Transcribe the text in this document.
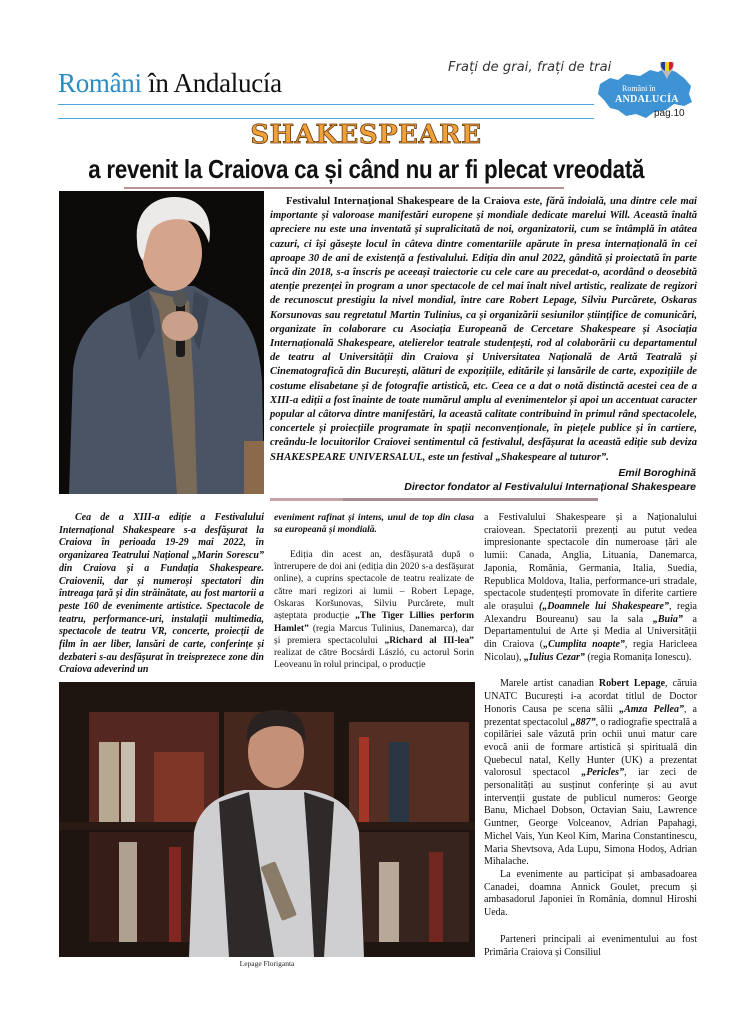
Români în Andalucía
Frați de grai, frați de trai
Români în
ANDALUCÍA
pag.10
SHAKESPEARE
a revenit la Craiova ca și când nu ar fi plecat vreodată
Festivalul Internațional Shakespeare de la Craiova este, fără îndoială, una dintre cele mai importante și valoroase manifestări europene și mondiale dedicate marelui Will. Această înaltă apreciere nu este una inventată și supralicitată de noi, organizatorii, cum se întâmplă în atâtea cazuri, ci își găsește locul în câteva dintre comentariile apărute în presa internațională în cei aproape 30 de ani de existență a festivalului. Ediția din anul 2022, gândită și proiectată în parte încă din 2018, s-a înscris pe aceeași traiectorie cu cele care au precedat-o, acordând o deosebită atenție prezenței în program a unor spectacole de cel mai înalt nivel artistic, realizate de regizori de recunoscut prestigiu la nivel mondial, între care Robert Lepage, Silviu Purcărete, Oskaras Korsunovas sau regretatul Martin Tulinius, ca și organizării sesiunilor științifice de comunicări, organizate în colaborare cu Asociația Europeană de Cercetare Shakespeare și Asociația Internațională Shakespeare, atelierelor teatrale studențești, rod al colaborării cu departamentul de teatru al Universității din Craiova și Universitatea Națională de Artă Teatrală și Cinematografică din București, alături de expozițiile, editările și lansările de carte, expozițiile de costume elisabetane și de fotografie artistică, etc. Ceea ce a dat o notă distinctă acestei cea de a XIII-a ediții a fost înainte de toate numărul amplu al evenimentelor și apoi un accentuat caracter popular al câtorva dintre manifestări, la această calitate contribuind în primul rând spectacolele, concertele și proiecțiile programate în spații neconvenționale, în piețele publice și în cartiere, creându-le locuitorilor Craiovei sentimentul că festivalul, desfășurat la această ediție sub deviza SHAKESPEARE UNIVERSALUL, este un festival „Shakespeare al tuturor”.
Emil Boroghină
Director fondator al Festivalului Internațional Shakespeare

Cea de a XIII-a ediție a Festivalului Internațional Shakespeare s-a desfășurat la Craiova în perioada 19-29 mai 2022, în organizarea Teatrului Național „Marin Sorescu” din Craiova și a Fundația Shakespeare. Craiovenii, dar și numeroși spectatori din întreaga țară și din străinătate, au fost martorii a peste 160 de evenimente artistice. Spectacole de teatru, performance-uri, instalații multimedia, spectacole de teatru VR, concerte, proiecții de film în aer liber, lansări de carte, conferințe și dezbateri s-au desfășurat în treisprezece zone din Craiova adeverind un

eveniment rafinat și intens, unul de top din clasa sa europeană și mondială.

Ediția din acest an, desfășurată după o întrerupere de doi ani (ediția din 2020 s-a desfășurat online), a cuprins spectacole de teatru realizate de către mari regizori ai lumii – Robert Lepage, Oskaras Koršunovas, Silviu Purcărete, mult așteptata producție „The Tiger Lillies perform Hamlet” (regia Marcus Tulinius, Danemarca), dar și premiera spectacolului „Richard al III-lea” realizat de către Bocsárdi László, cu actorul Sorin Leoveanu în rolul principal, o producție

a Festivalului Shakespeare și a Naționalului craiovean. Spectatorii prezenți au putut vedea impresionante spectacole din numeroase țări ale lumii: Canada, Anglia, Lituania, Danemarca, Japonia, România, Germania, Italia, Suedia, Republica Moldova, Italia, performance-uri stradale, spectacole studențești promovate în diferite cartiere ale orașului („Doamnele lui Shakespeare”, regia Alexandru Boureanu) sau la sala „Buia” a Departamentului de Arte și Media al Universității din Craiova („Cumplita noapte”, regia Haricleea Nicolau), „Iulius Cezar” (regia Romanița Ionescu).

Marele artist canadian Robert Lepage, căruia UNATC București i-a acordat titlul de Doctor Honoris Causa pe scena sălii „Amza Pellea”, a prezentat spectacolul „887”, o radiografie spectrală a copilăriei sale văzută prin ochii unui matur care evocă anii de formare artistică și spirituală din Quebecul natal, Kelly Hunter (UK) a prezentat valorosul spectacol „Pericles”, iar zeci de personalități au susținut conferințe și au avut intervenții gustate de publicul numeros: George Banu, Michael Dobson, Octavian Saiu, Lawrence Guntner, George Volceanov, Adrian Papahagi, Michel Vais, Yun Keol Kim, Marina Constantinescu, Maria Shevtsova, Ada Lupu, Simona Hodoș, Adrian Mihalache.

La evenimente au participat și ambasadoarea Canadei, doamna Annick Goulet, precum și ambasadorul Japoniei în România, domnul Hiroshi Ueda.

Parteneri principali ai evenimentului au fost Primăria Craiova și Consiliul

Lepage Floriganta
